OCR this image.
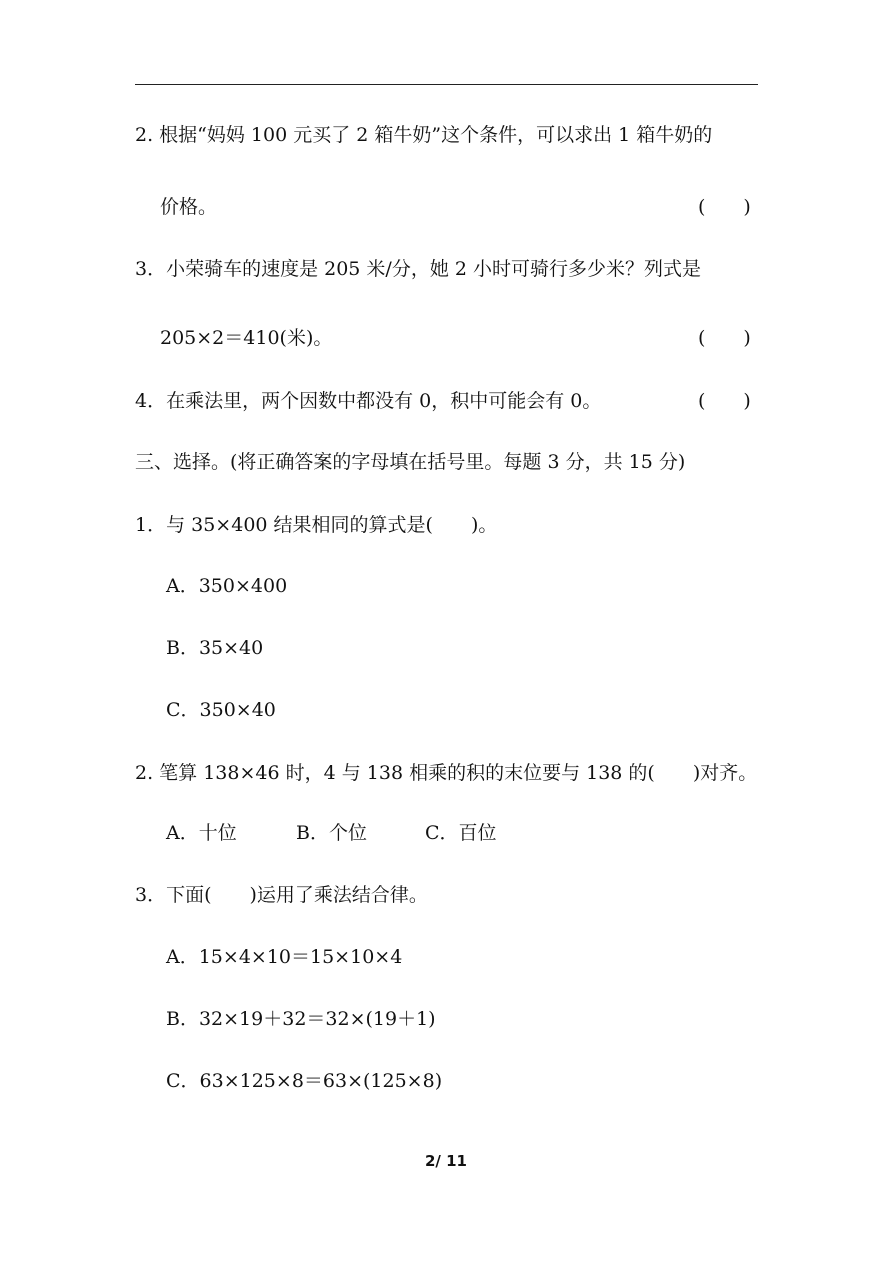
2. 根据“妈妈 100 元买了 2 箱牛奶”这个条件，可以求出 1 箱牛奶的
价格。	(　　)
3．小荣骑车的速度是 205 米/分，她 2 小时可骑行多少米？列式是
205×2＝410(米)。	(　　)
4．在乘法里，两个因数中都没有 0，积中可能会有 0。	(　　)
三、选择。(将正确答案的字母填在括号里。每题 3 分，共 15 分)
1．与 35×400 结果相同的算式是(　　)。
A．350×400
B．35×40
C．350×40
2. 笔算 138×46 时，4 与 138 相乘的积的末位要与 138 的(　　)对齐。
A．十位	B．个位	C．百位
3．下面(　　)运用了乘法结合律。
A．15×4×10＝15×10×4
B．32×19＋32＝32×(19＋1)
C．63×125×8＝63×(125×8)
2/ 11
